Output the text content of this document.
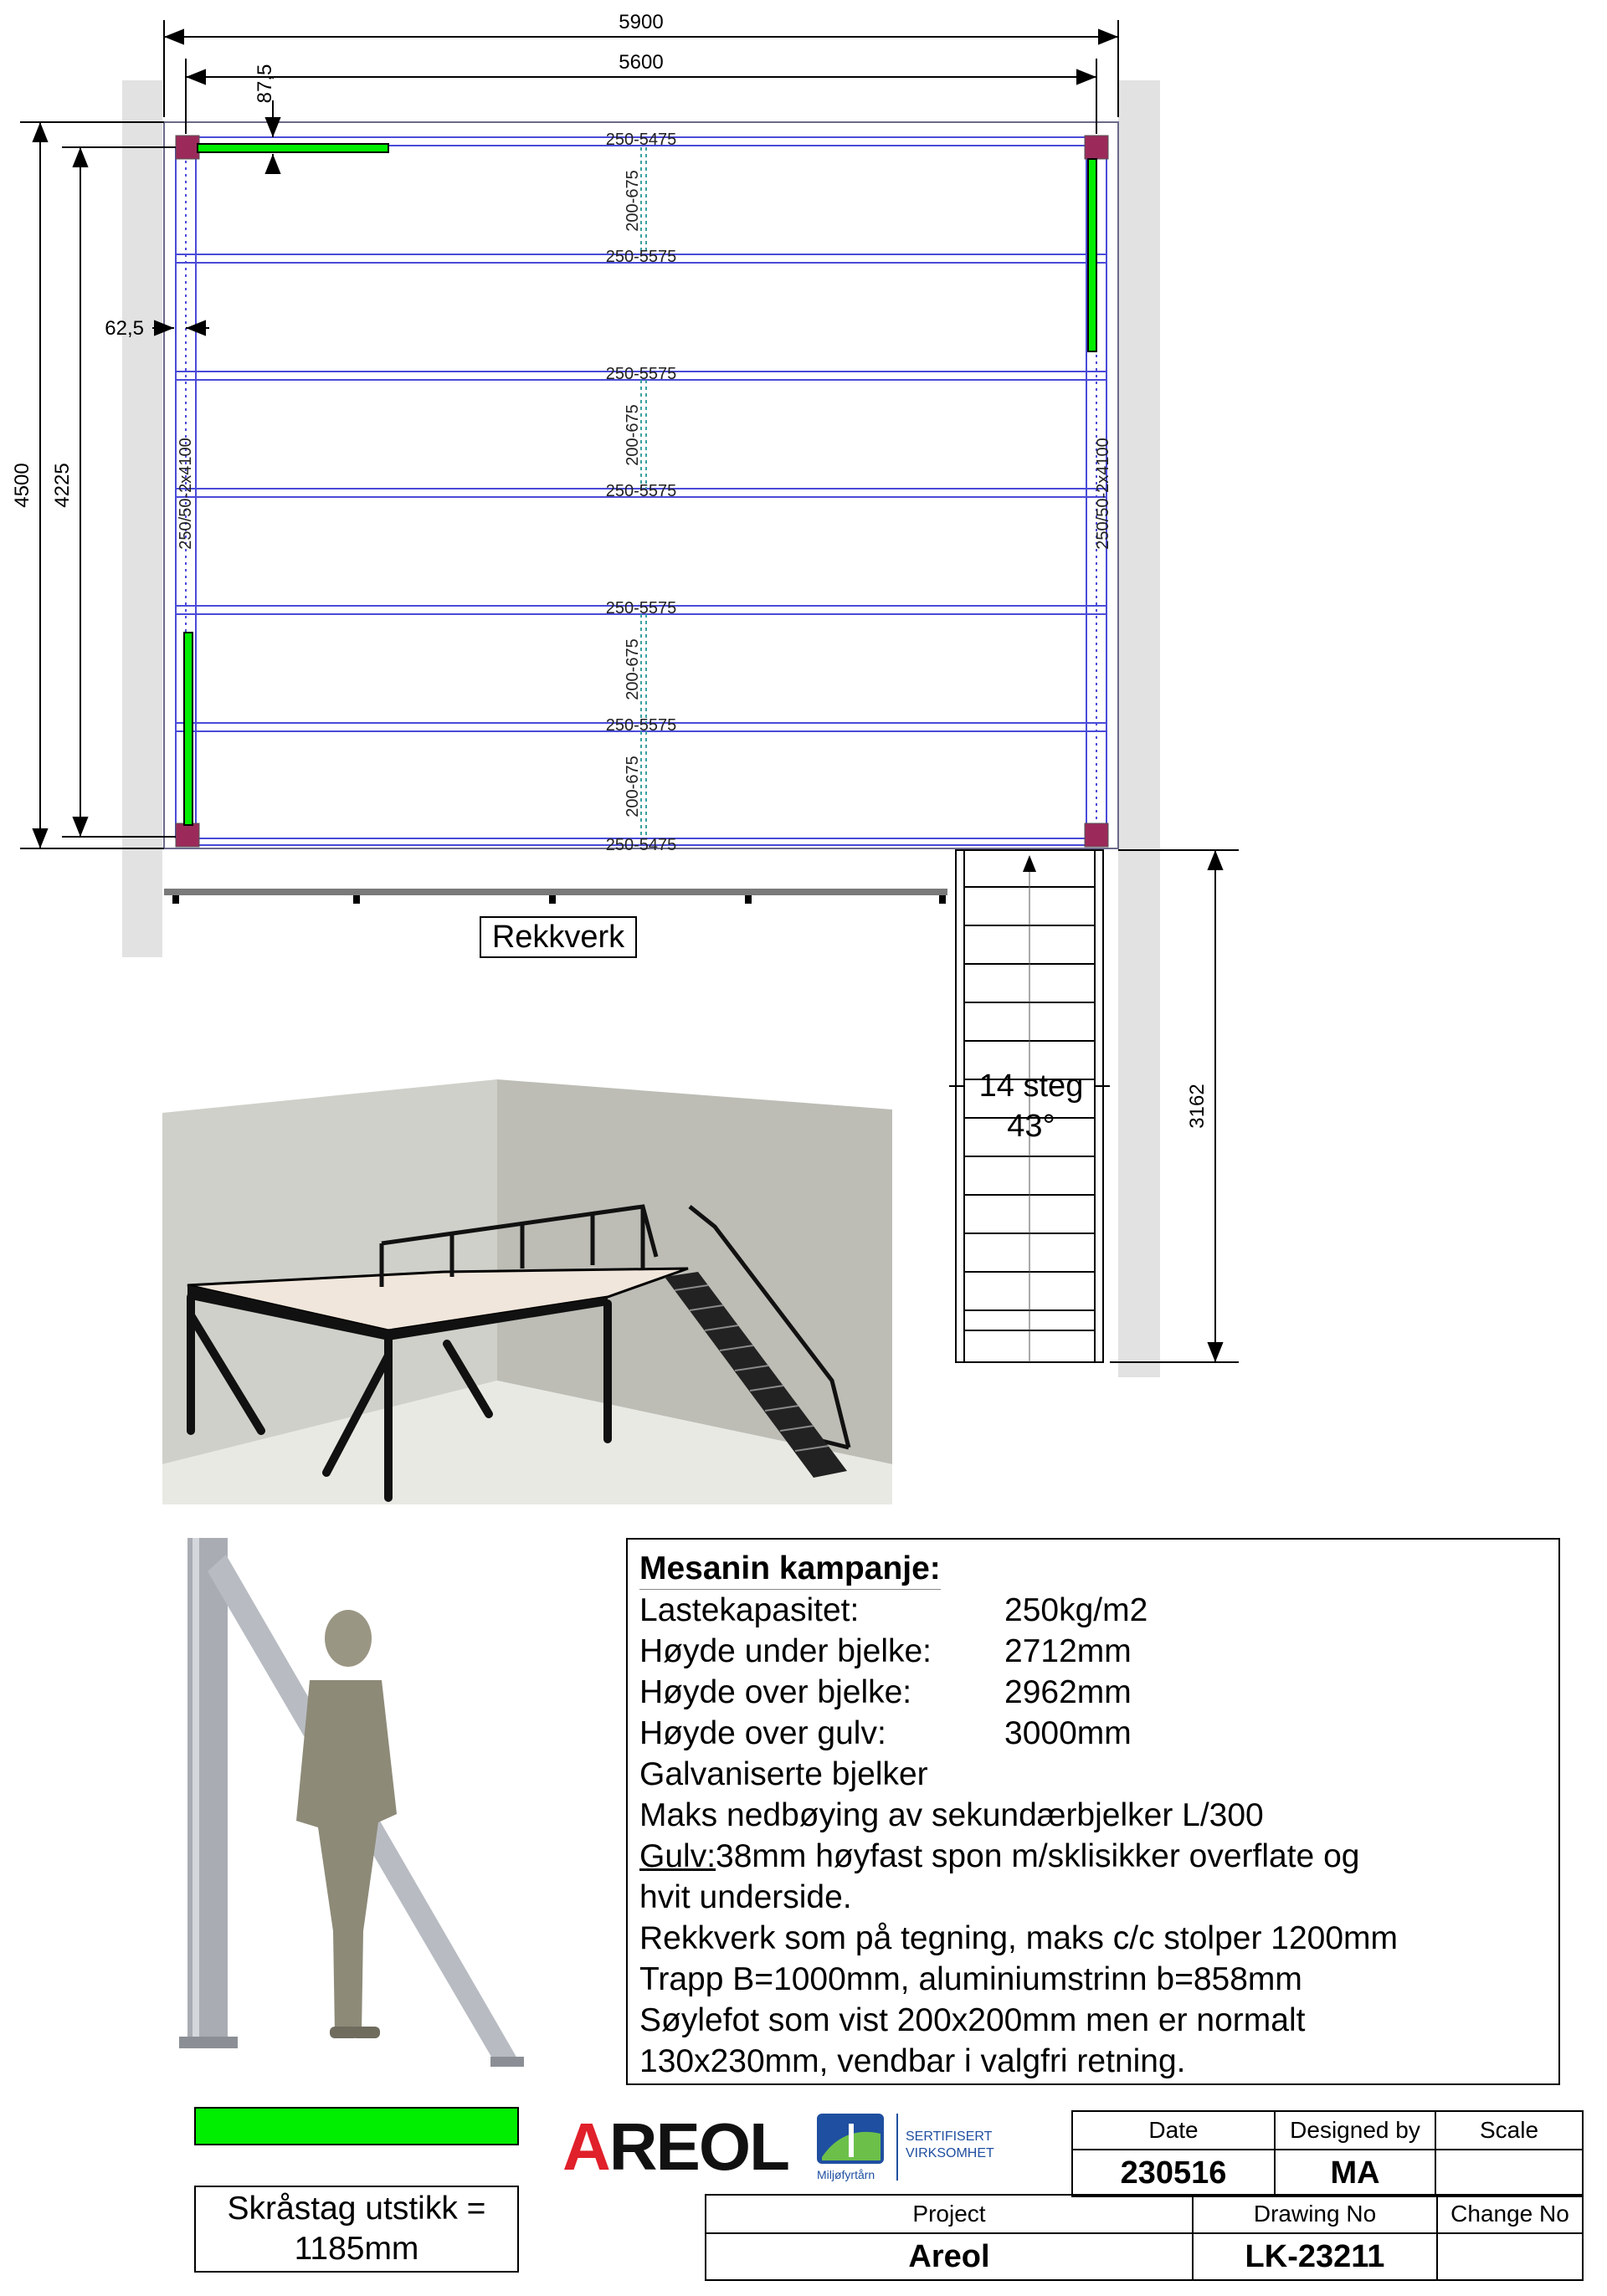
250-5475
250-5575
250-5575
250-5575
250-5575
250-5575
250-5475
200-675
200-675
200-675
200-675
250/50-2x4100	250/50-2x4100
Rekkverk
14 steg
43°
5900
5600
87,5
62,5
4500 4225
3162
Mesanin kampanje:
Lastekapasitet:	250kg/m2
Høyde under bjelke:	2712mm
Høyde over bjelke:	2962mm
Høyde over gulv:	3000mm
Galvaniserte bjelker
Maks nedbøying av sekundærbjelker L/300
Gulv:38mm høyfast spon m/sklisikker overflate og
hvit underside.
Rekkverk som på tegning, maks c/c stolper 1200mm
Trapp B=1000mm, aluminiumstrinn b=858mm
Søylefot som vist 200x200mm men er normalt
130x230mm, vendbar i valgfri retning.
Skråstag utstikk =
1185mm
AREOL	SERTIFISERT
VIRKSOMHET
Miljøfyrtårn
Date	Designed by	Scale
230516	MA	
Project	Drawing No	Change No
Areol	LK-23211	
